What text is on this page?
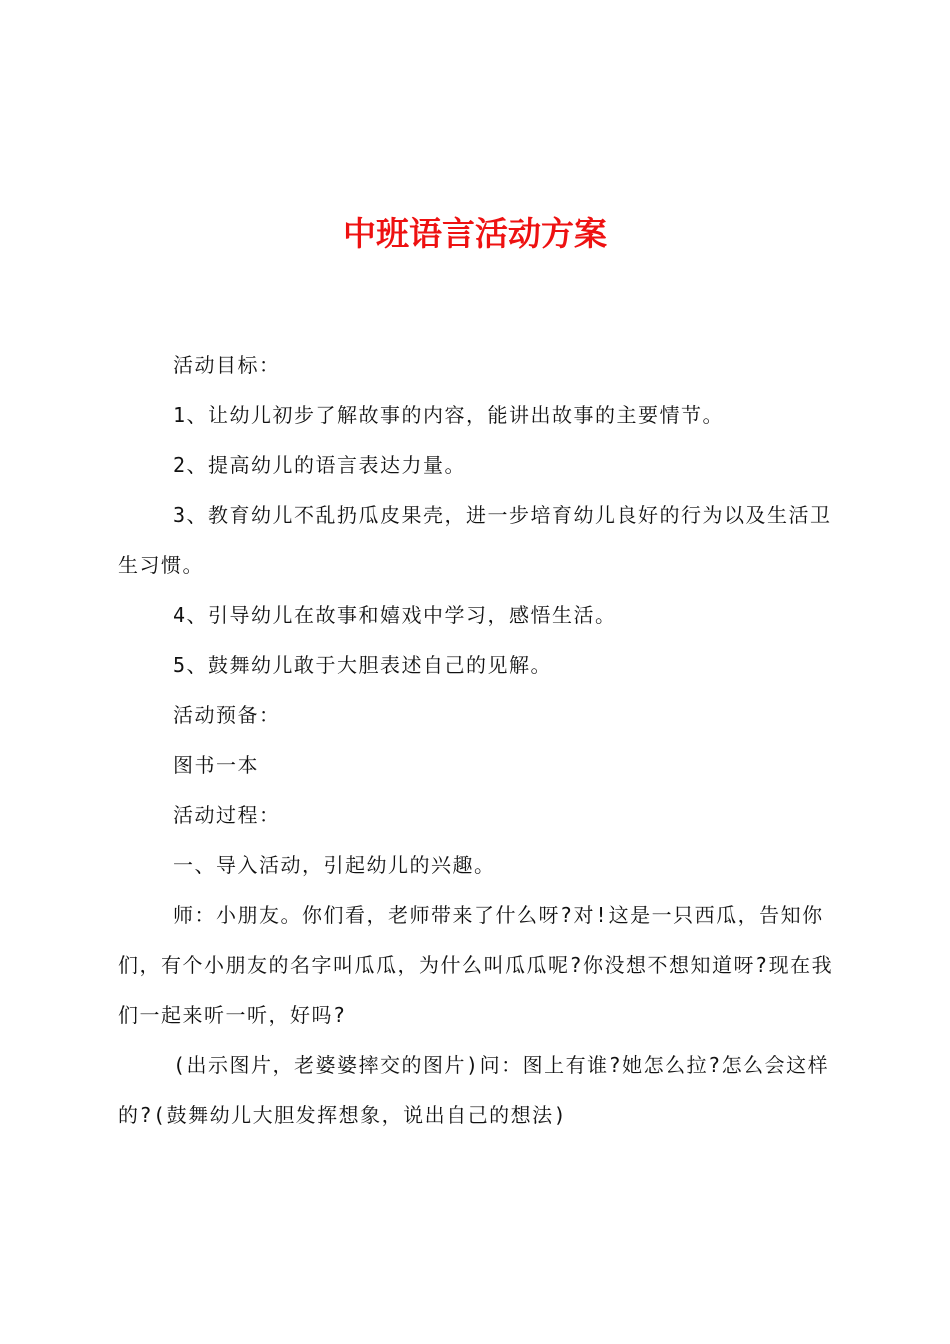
中班语言活动方案

活动目标：

1、让幼儿初步了解故事的内容，能讲出故事的主要情节。

2、提高幼儿的语言表达力量。

3、教育幼儿不乱扔瓜皮果壳，进一步培育幼儿良好的行为以及生活卫生习惯。

4、引导幼儿在故事和嬉戏中学习，感悟生活。

5、鼓舞幼儿敢于大胆表述自己的见解。

活动预备：

图书一本

活动过程：

一、导入活动，引起幼儿的兴趣。

师：小朋友。你们看，老师带来了什么呀?对!这是一只西瓜，告知你们，有个小朋友的名字叫瓜瓜，为什么叫瓜瓜呢?你没想不想知道呀?现在我们一起来听一听，好吗?

(出示图片，老婆婆摔交的图片)问：图上有谁?她怎么拉?怎么会这样的?(鼓舞幼儿大胆发挥想象，说出自己的想法)
